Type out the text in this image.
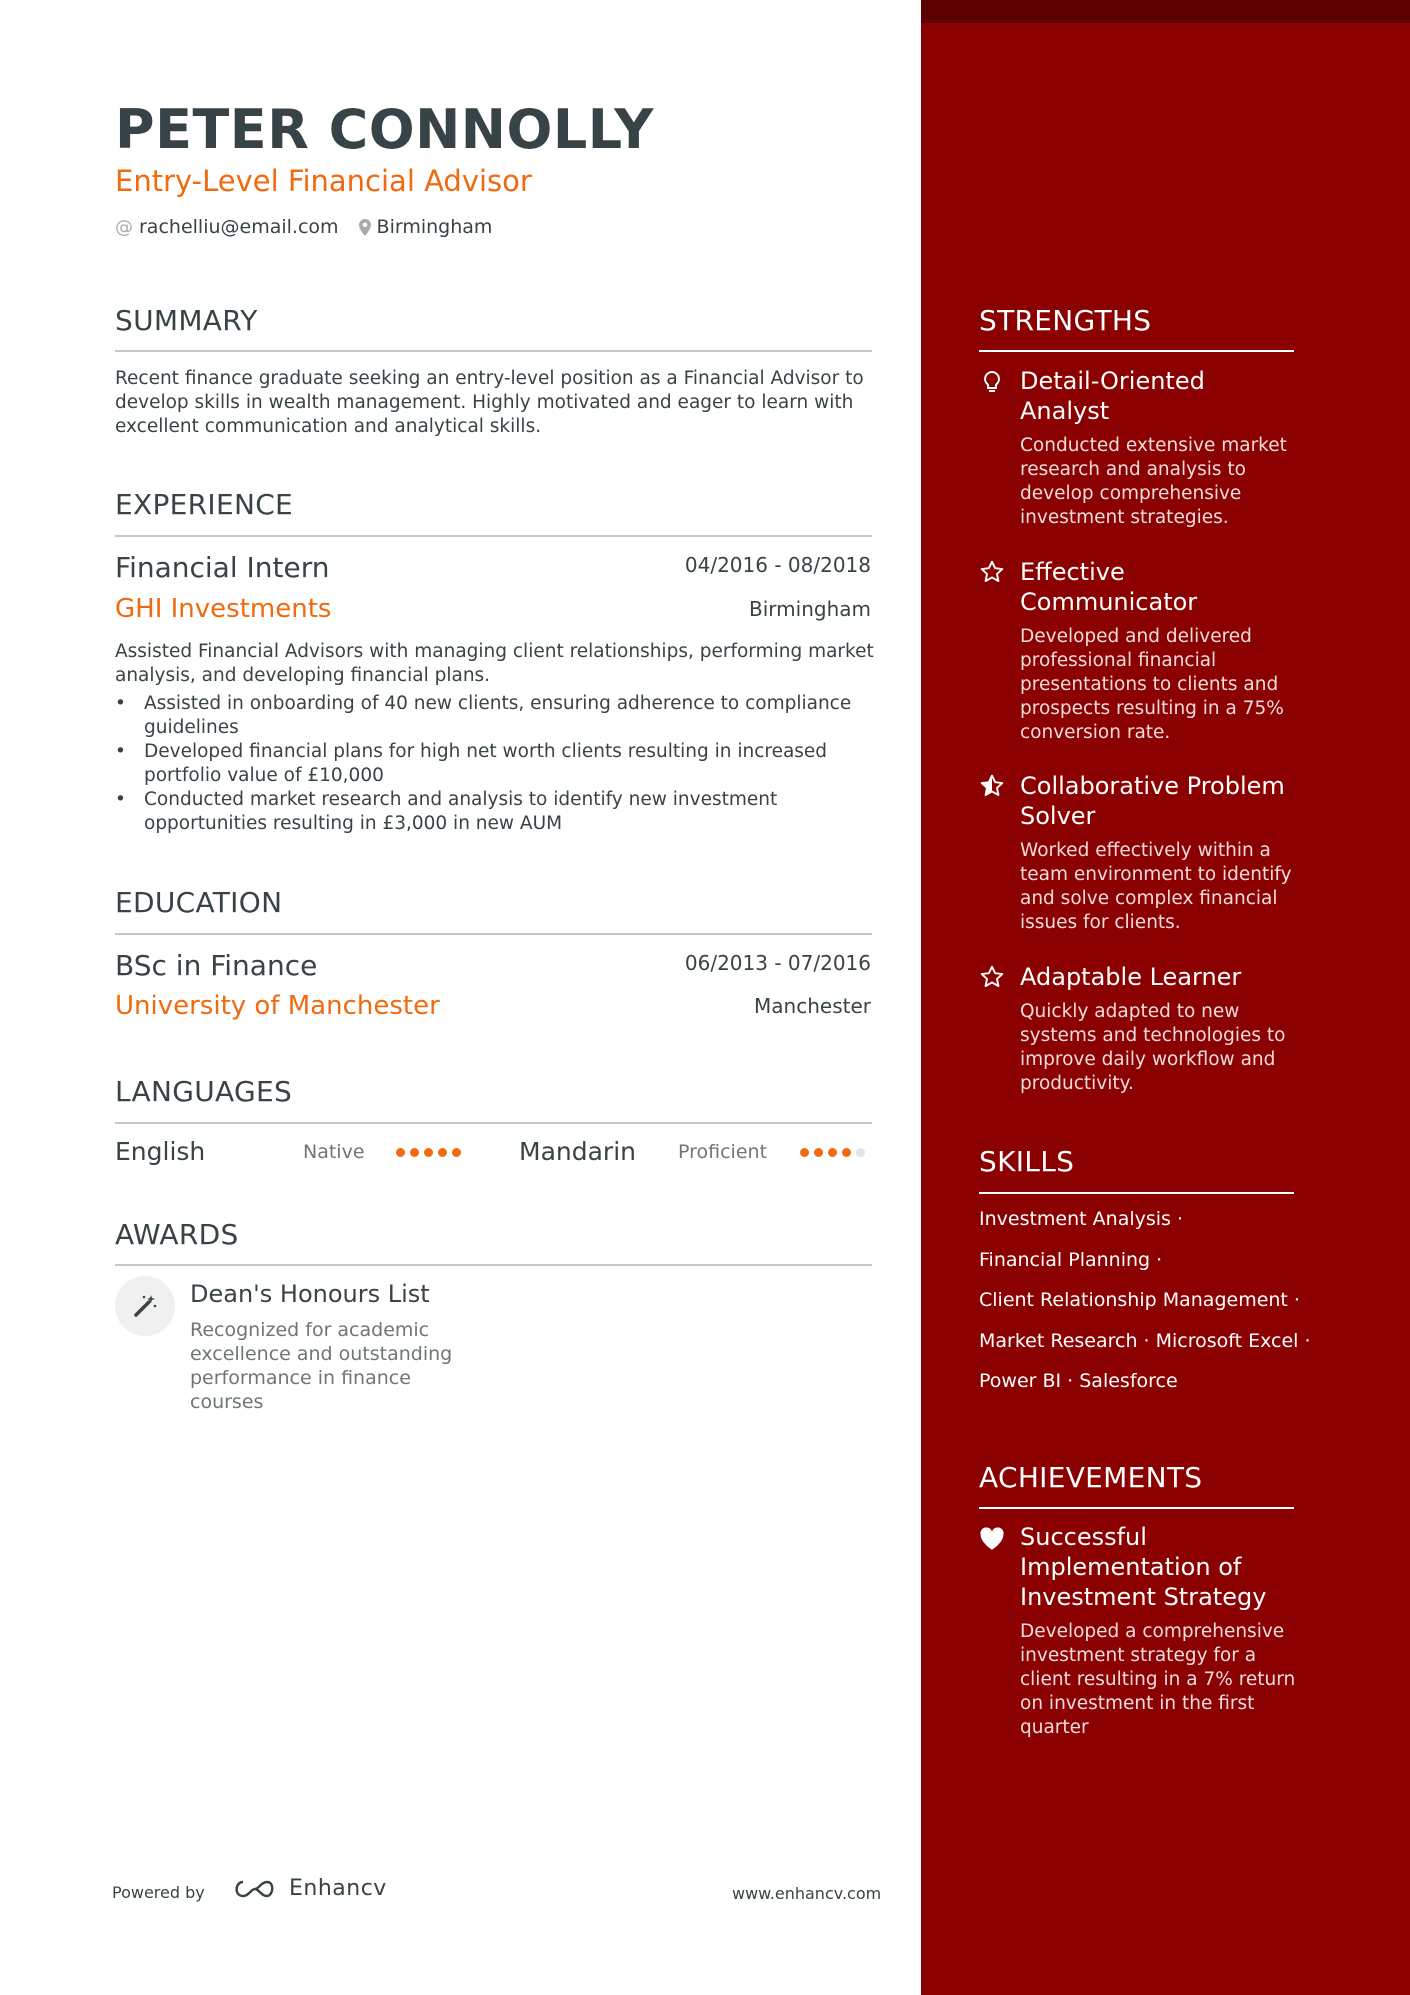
PETER CONNOLLY
Entry-Level Financial Advisor
@ rachelliu@email.com Birmingham
SUMMARY
Recent finance graduate seeking an entry-level position as a Financial Advisor to develop skills in wealth management. Highly motivated and eager to learn with excellent communication and analytical skills.
EXPERIENCE
Financial Intern	04/2016 - 08/2018
GHI Investments	Birmingham
Assisted Financial Advisors with managing client relationships, performing market analysis, and developing financial plans.
• Assisted in onboarding of 40 new clients, ensuring adherence to compliance guidelines
• Developed financial plans for high net worth clients resulting in increased portfolio value of £10,000
• Conducted market research and analysis to identify new investment opportunities resulting in £3,000 in new AUM
EDUCATION
BSc in Finance	06/2013 - 07/2016
University of Manchester	Manchester
LANGUAGES
English	Native	Mandarin Proficient
AWARDS
Dean's Honours List
Recognized for academic excellence and outstanding performance in finance courses
Powered by	Enhancv	www.enhancv.com
STRENGTHS
Detail-Oriented Analyst
Conducted extensive market research and analysis to develop comprehensive investment strategies.
Effective Communicator
Developed and delivered professional financial presentations to clients and prospects resulting in a 75% conversion rate.
Collaborative Problem Solver
Worked effectively within a team environment to identify and solve complex financial issues for clients.
Adaptable Learner
Quickly adapted to new systems and technologies to improve daily workflow and productivity.
SKILLS
Investment Analysis ·
Financial Planning ·
Client Relationship Management ·
Market Research · Microsoft Excel ·
Power BI · Salesforce
ACHIEVEMENTS
Successful Implementation of Investment Strategy
Developed a comprehensive investment strategy for a client resulting in a 7% return on investment in the first quarter
